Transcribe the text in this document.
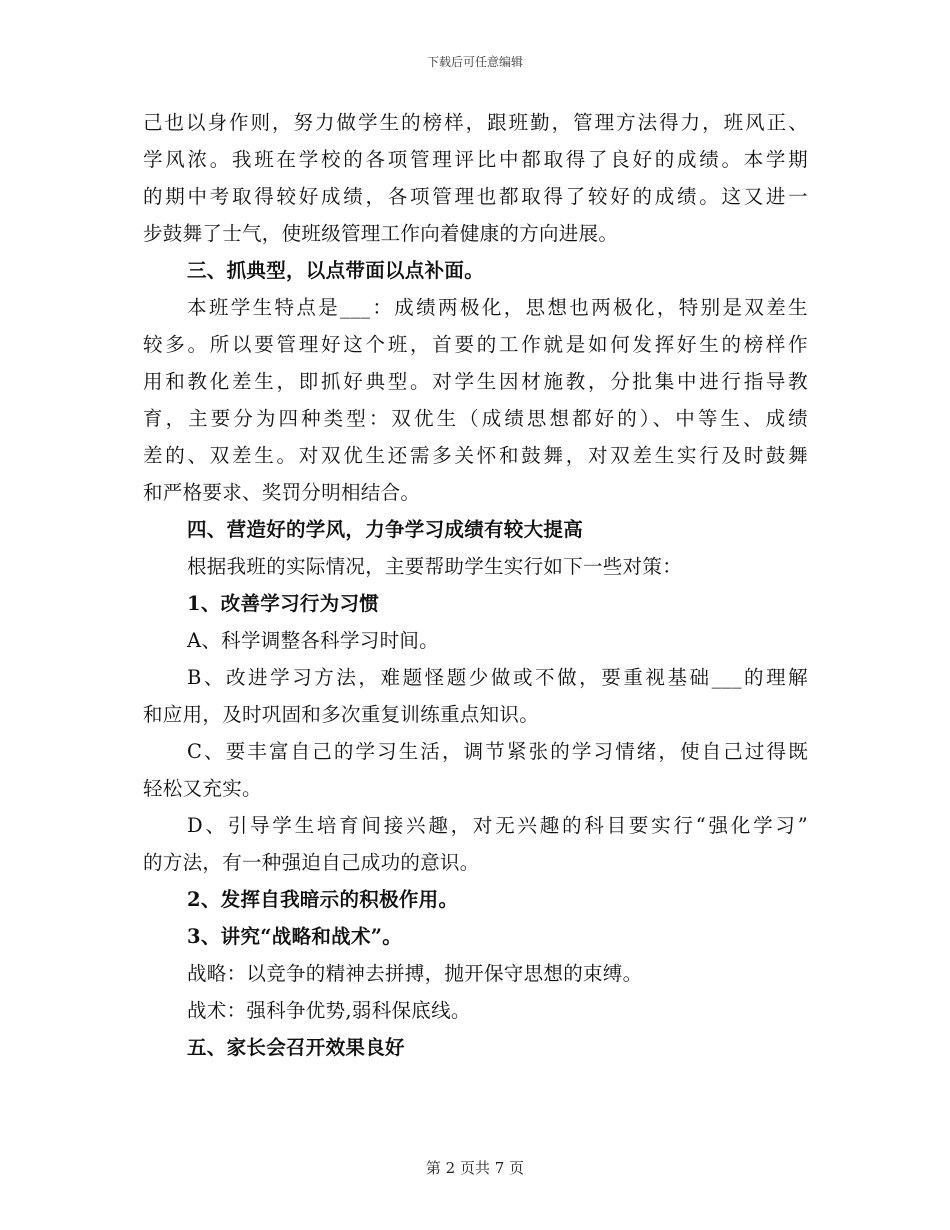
下载后可任意编辑
己也以身作则，努力做学生的榜样，跟班勤，管理方法得力，班风正、
学风浓。我班在学校的各项管理评比中都取得了良好的成绩。本学期
的期中考取得较好成绩，各项管理也都取得了较好的成绩。这又进一
步鼓舞了士气，使班级管理工作向着健康的方向进展。
三、抓典型，以点带面以点补面。
本班学生特点是___：成绩两极化，思想也两极化，特别是双差生
较多。所以要管理好这个班，首要的工作就是如何发挥好生的榜样作
用和教化差生，即抓好典型。对学生因材施教，分批集中进行指导教
育，主要分为四种类型：双优生（成绩思想都好的）、中等生、成绩
差的、双差生。对双优生还需多关怀和鼓舞，对双差生实行及时鼓舞
和严格要求、奖罚分明相结合。
四、营造好的学风，力争学习成绩有较大提高
根据我班的实际情况，主要帮助学生实行如下一些对策：
1、改善学习行为习惯
A、科学调整各科学习时间。
B、改进学习方法，难题怪题少做或不做，要重视基础___的理解
和应用，及时巩固和多次重复训练重点知识。
C、要丰富自己的学习生活，调节紧张的学习情绪，使自己过得既
轻松又充实。
D、引导学生培育间接兴趣，对无兴趣的科目要实行“强化学习”
的方法，有一种强迫自己成功的意识。
2、发挥自我暗示的积极作用。
3、讲究“战略和战术”。
战略：以竞争的精神去拼搏，抛开保守思想的束缚。
战术：强科争优势,弱科保底线。
五、家长会召开效果良好
第 2 页共 7 页
